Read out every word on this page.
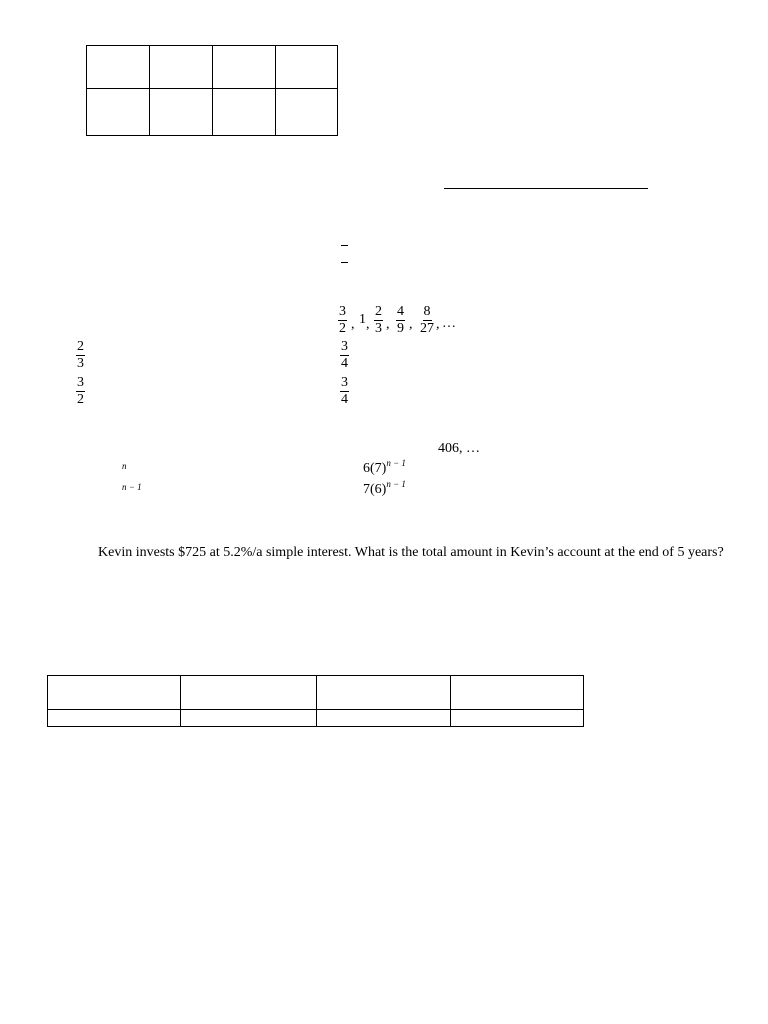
$\frac{3}{2}$ , 1 , $\frac{2}{3}$ , $\frac{4}{9}$ , $\frac{8}{27}$ , …
$\frac{2}{3}$
$\frac{3}{2}$
$\frac{3}{4}$
$\frac{3}{4}$
406, …
n
n − 1
$6(7)^{n - 1}$
$7(6)^{n - 1}$
Kevin invests $725 at 5.2%/a simple interest. What is the total amount in Kevin’s account at the end of 5 years?
